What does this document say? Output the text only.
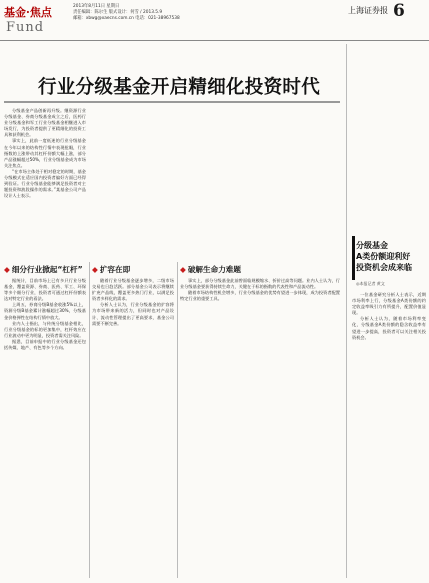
基金·焦点
Fund
2013年8月11日 星期日
责任编辑：陈尔生 版式设计：何雪 / 2013.5.9
邮箱：xbwg@xaecns.com.cn 电话：021-38967538
上海证券报 6
行业分级基金开启精细化投资时代

分级基金产品创新再升级。继资源行业分级基金、券商分级基金成立之后，医药行业分级基金和军工行业分级基金相继进入市场发行，为投资者提供了更精细化的投资工具和获利机会。

事实上，此前一度低迷的行业分级基金在今年以来的结构性行情中表现抢眼，行业指数的上涨带动其杠杆份额大幅上涨，部分产品涨幅超过50%，行业分级基金成为市场关注焦点。

“在市场主体处于相对稳定的时期，基金分级模式在适应国内投资者偏好方面已经得到验证。行业分级基金能够满足投资者对主题投资和波段操作的需求。”某基金公司产品设计人士表示。

◆ 细分行业掀起“杠杆”

据统计，目前市场上已有多只行业分级基金，覆盖资源、券商、医药、军工、环保等多个细分行业，投资者可通过杠杆份额表达对特定行业的看法。

上周五，券商分级B基金收涨5%以上，资源分级B基金累计涨幅超过30%，分级基金价格弹性在结构行情中放大。

业内人士指出，与传统分级基金相比，行业分级基金的标的更加集中，杠杆效应在行业波动中更为明显，投资者需关注风险。

据悉，目前申报中的行业分级基金还包括传媒、地产、有色等多个方向。

◆ 扩容在即

随着行业分级基金逐步增多，二级市场交易也日趋活跃。部分基金公司表示将继续扩充产品线，覆盖更多热门行业，以满足投资者多样化的需求。

分析人士认为，行业分级基金的扩容将为市场带来新的活力，但同时也对产品设计、流动性管理提出了更高要求，基金公司需要不断完善。

◆ 破解生命力难题

事实上，部分分级基金此前曾面临规模缩水、折价过高等问题。业内人士认为，行业分级基金要获得持续生命力，关键在于标的指数的代表性和产品流动性。

随着市场结构性机会增多，行业分级基金的优势有望进一步体现，成为投资者配置特定行业的重要工具。

分级基金
A类份额迎利好
投资机会成来临
◎本报记者 黄文

一位基金研究分析人士表示，近期市场利率上行，分级基金A类份额的约定收益率吸引力有所提升，配置价值显现。

分析人士认为，随着市场利率变化，分级基金A类份额的隐含收益率有望进一步提高，投资者可以关注相关投资机会。
